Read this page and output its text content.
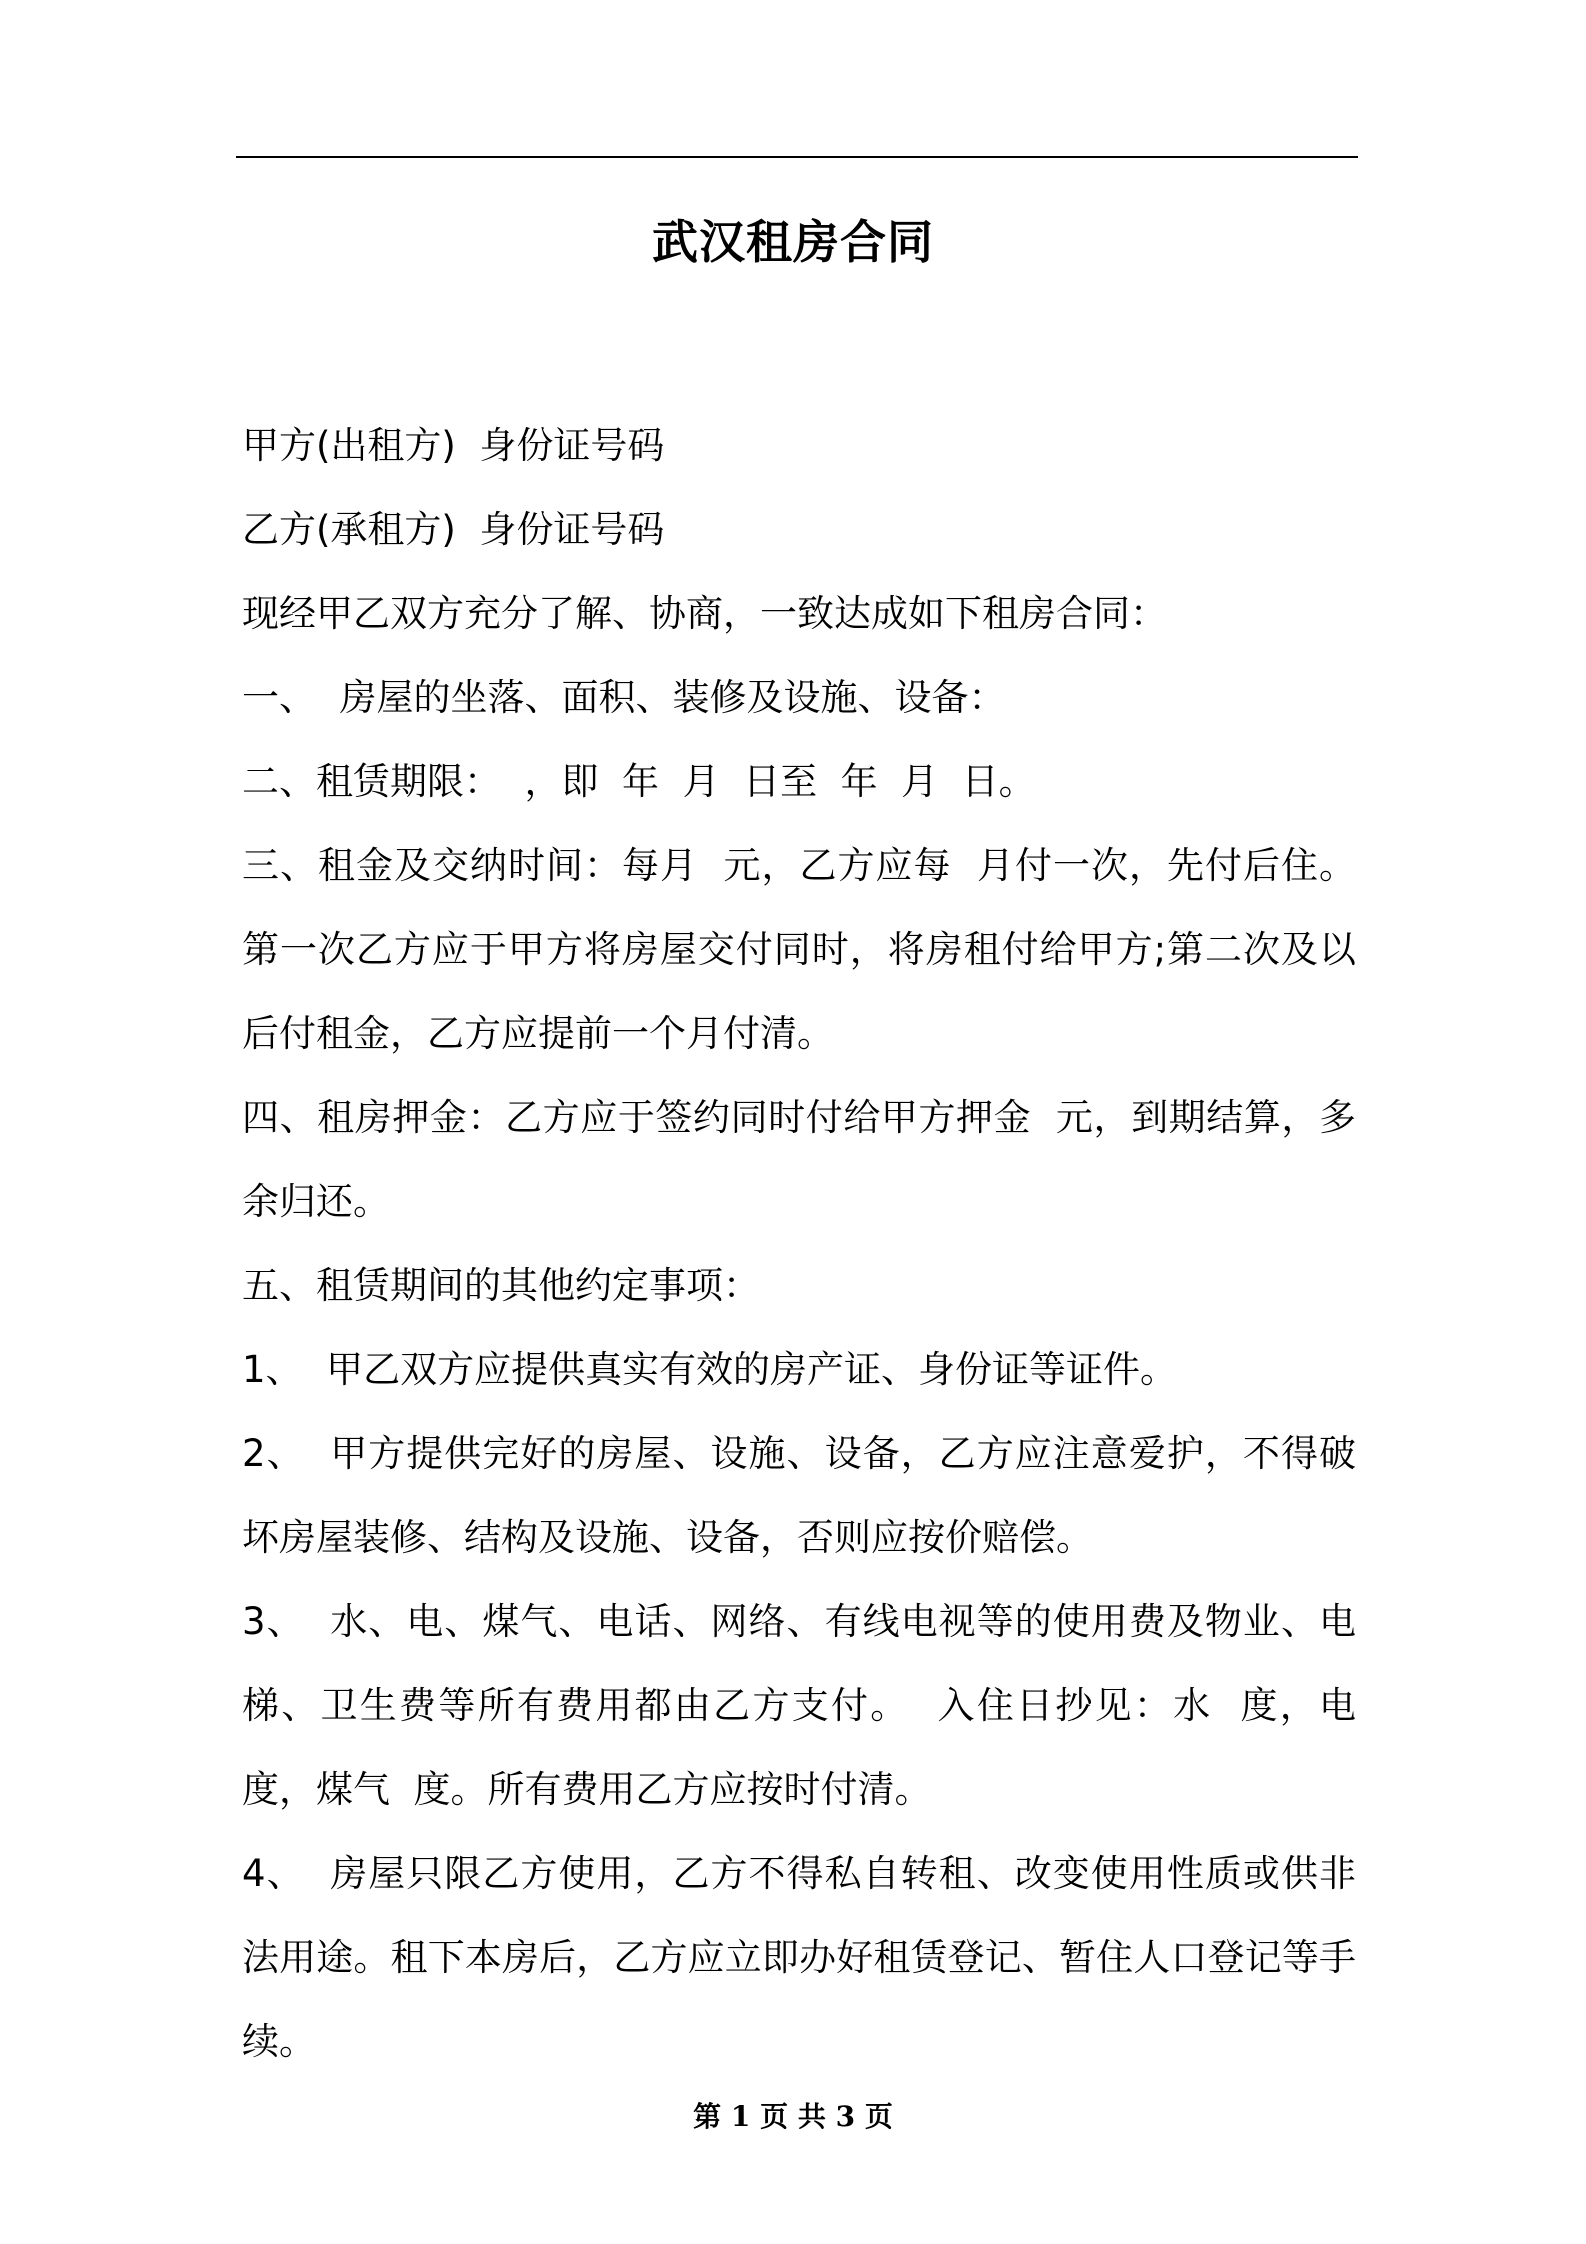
武汉租房合同

甲方(出租方)  身份证号码

乙方(承租方)  身份证号码

现经甲乙双方充分了解、协商，一致达成如下租房合同：

一、  房屋的坐落、面积、装修及设施、设备：

二、租赁期限：  ，即  年  月  日至  年  月  日。

三、租金及交纳时间：每月  元，乙方应每  月付一次，先付后住。第一次乙方应于甲方将房屋交付同时，将房租付给甲方;第二次及以后付租金，乙方应提前一个月付清。

四、租房押金：乙方应于签约同时付给甲方押金  元，到期结算，多余归还。

五、租赁期间的其他约定事项：

1、  甲乙双方应提供真实有效的房产证、身份证等证件。

2、  甲方提供完好的房屋、设施、设备，乙方应注意爱护，不得破坏房屋装修、结构及设施、设备，否则应按价赔偿。

3、  水、电、煤气、电话、网络、有线电视等的使用费及物业、电梯、卫生费等所有费用都由乙方支付。  入住日抄见：水  度，电  度，煤气  度。所有费用乙方应按时付清。

4、  房屋只限乙方使用，乙方不得私自转租、改变使用性质或供非法用途。租下本房后，乙方应立即办好租赁登记、暂住人口登记等手续。

第 1 页 共 3 页
